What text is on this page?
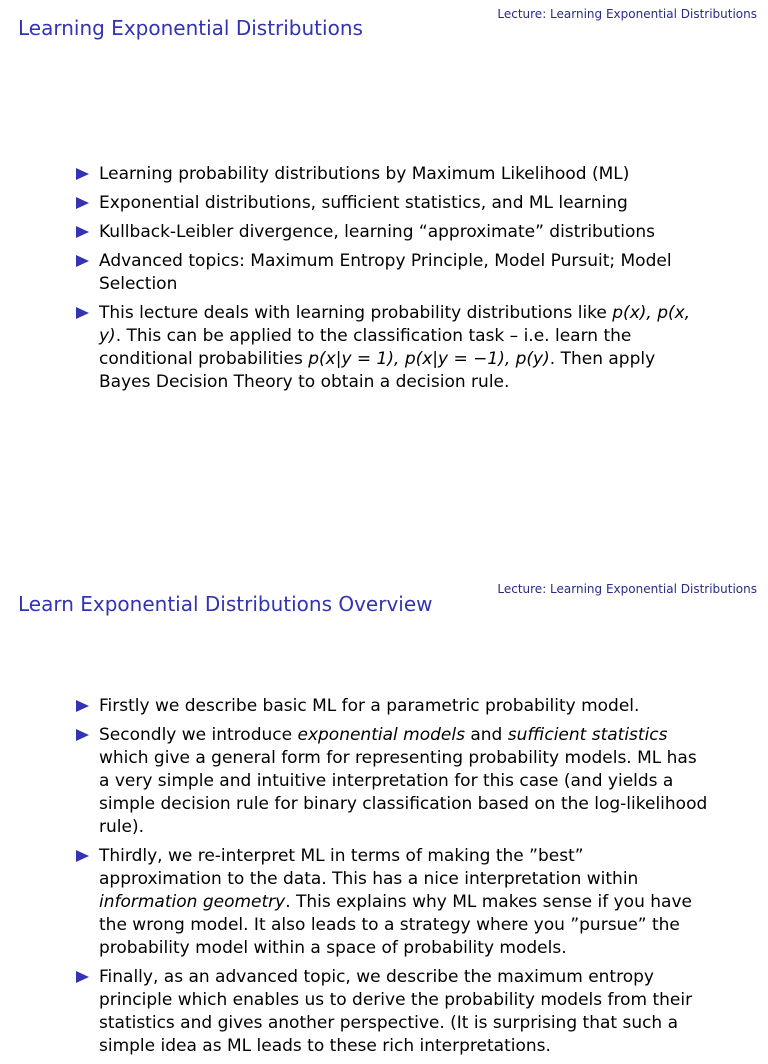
Lecture: Learning Exponential Distributions
Learning Exponential Distributions
Learning probability distributions by Maximum Likelihood (ML)
Exponential distributions, sufficient statistics, and ML learning
Kullback-Leibler divergence, learning “approximate” distributions
Advanced topics: Maximum Entropy Principle, Model Pursuit; Model Selection
This lecture deals with learning probability distributions like p(x), p(x, y). This can be applied to the classification task – i.e. learn the conditional probabilities p(x|y = 1), p(x|y = −1), p(y). Then apply Bayes Decision Theory to obtain a decision rule.
Lecture: Learning Exponential Distributions
Learn Exponential Distributions Overview
Firstly we describe basic ML for a parametric probability model.
Secondly we introduce exponential models and sufficient statistics which give a general form for representing probability models. ML has a very simple and intuitive interpretation for this case (and yields a simple decision rule for binary classification based on the log-likelihood rule).
Thirdly, we re-interpret ML in terms of making the ”best” approximation to the data. This has a nice interpretation within information geometry. This explains why ML makes sense if you have the wrong model. It also leads to a strategy where you ”pursue” the probability model within a space of probability models.
Finally, as an advanced topic, we describe the maximum entropy principle which enables us to derive the probability models from their statistics and gives another perspective. (It is surprising that such a simple idea as ML leads to these rich interpretations.
